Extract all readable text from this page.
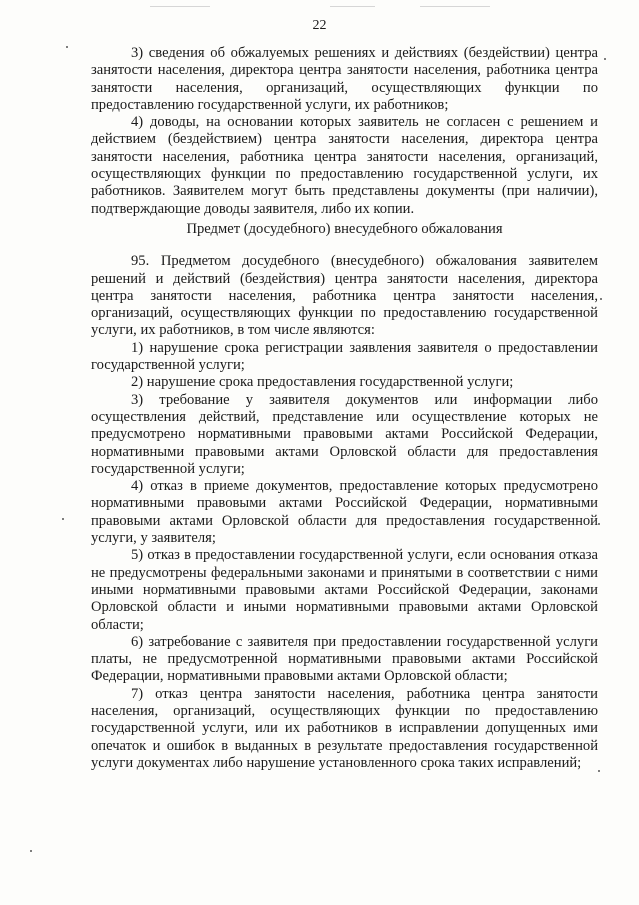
22

3) сведения об обжалуемых решениях и действиях (бездействии) центра занятости населения, директора центра занятости населения, работника центра занятости населения, организаций, осуществляющих функции по предоставлению государственной услуги, их работников;

4) доводы, на основании которых заявитель не согласен с решением и действием (бездействием) центра занятости населения, директора центра занятости населения, работника центра занятости населения, организаций, осуществляющих функции по предоставлению государственной услуги, их работников. Заявителем могут быть представлены документы (при наличии), подтверждающие доводы заявителя, либо их копии.

Предмет (досудебного) внесудебного обжалования

95. Предметом досудебного (внесудебного) обжалования заявителем решений и действий (бездействия) центра занятости населения, директора центра занятости населения, работника центра занятости населения, организаций, осуществляющих функции по предоставлению государственной услуги, их работников, в том числе являются:

1) нарушение срока регистрации заявления заявителя о предоставлении государственной услуги;

2) нарушение срока предоставления государственной услуги;

3) требование у заявителя документов или информации либо осуществления действий, представление или осуществление которых не предусмотрено нормативными правовыми актами Российской Федерации, нормативными правовыми актами Орловской области для предоставления государственной услуги;

4) отказ в приеме документов, предоставление которых предусмотрено нормативными правовыми актами Российской Федерации, нормативными правовыми актами Орловской области для предоставления государственной услуги, у заявителя;

5) отказ в предоставлении государственной услуги, если основания отказа не предусмотрены федеральными законами и принятыми в соответствии с ними иными нормативными правовыми актами Российской Федерации, законами Орловской области и иными нормативными правовыми актами Орловской области;

6) затребование с заявителя при предоставлении государственной услуги платы, не предусмотренной нормативными правовыми актами Российской Федерации, нормативными правовыми актами Орловской области;

7) отказ центра занятости населения, работника центра занятости населения, организаций, осуществляющих функции по предоставлению государственной услуги, или их работников в исправлении допущенных ими опечаток и ошибок в выданных в результате предоставления государственной услуги документах либо нарушение установленного срока таких исправлений;
